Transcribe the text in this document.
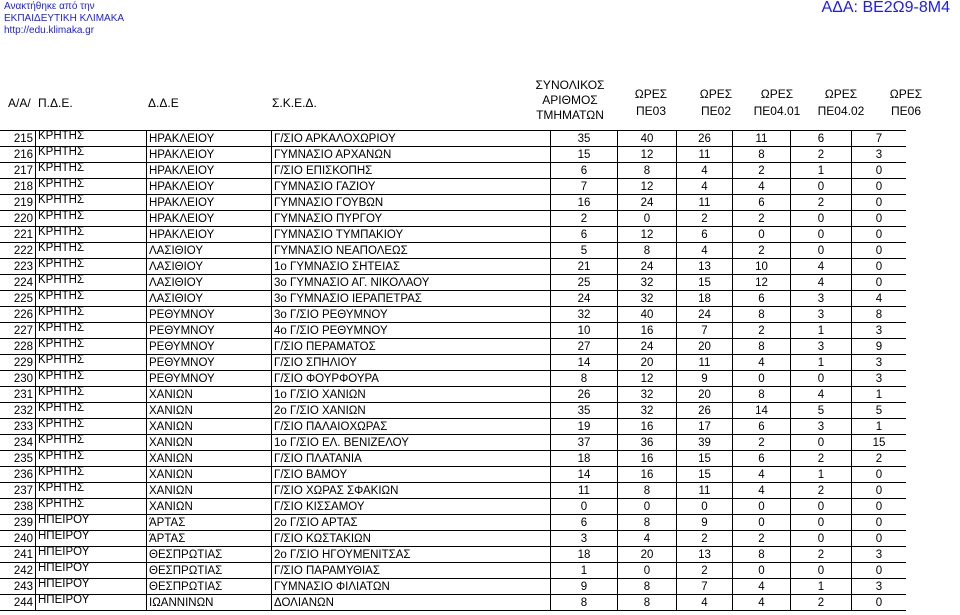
Ανακτήθηκε από την
ΕΚΠΑΙΔΕΥΤΙΚΗ ΚΛΙΜΑΚΑ
http://edu.klimaka.gr
ΑΔΑ: ΒΕ2Ω9-8Μ4
Α/Α/ Π.Δ.Ε.	Δ.Δ.Ε	Σ.Κ.Ε.Δ.
ΣΥΝΟΛΙΚΟΣ
ΑΡΙΘΜΟΣ
ΤΜΗΜΑΤΩΝ
ΩΡΕΣ
ΠΕ03
ΩΡΕΣ
ΠΕ02
ΩΡΕΣ
ΠΕ04.01
ΩΡΕΣ
ΠΕ04.02
ΩΡΕΣ
ΠΕ06
215	ΚΡΗΤΗΣ	ΗΡΑΚΛΕΙΟΥ	Γ/ΣΙΟ ΑΡΚΑΛΟΧΩΡΙΟΥ	35	40	26	11	6	7
216	ΚΡΗΤΗΣ	ΗΡΑΚΛΕΙΟΥ	ΓΥΜΝΑΣΙΟ ΑΡΧΑΝΩΝ	15	12	11	8	2	3
217	ΚΡΗΤΗΣ	ΗΡΑΚΛΕΙΟΥ	Γ/ΣΙΟ ΕΠΙΣΚΟΠΗΣ	6	8	4	2	1	0
218	ΚΡΗΤΗΣ	ΗΡΑΚΛΕΙΟΥ	ΓΥΜΝΑΣΙΟ ΓΑΖΙΟΥ	7	12	4	4	0	0
219	ΚΡΗΤΗΣ	ΗΡΑΚΛΕΙΟΥ	ΓΥΜΝΑΣΙΟ ΓΟΥΒΩΝ	16	24	11	6	2	0
220	ΚΡΗΤΗΣ	ΗΡΑΚΛΕΙΟΥ	ΓΥΜΝΑΣΙΟ ΠΥΡΓΟΥ	2	0	2	2	0	0
221	ΚΡΗΤΗΣ	ΗΡΑΚΛΕΙΟΥ	ΓΥΜΝΑΣΙΟ ΤΥΜΠΑΚΙΟΥ	6	12	6	0	0	0
222	ΚΡΗΤΗΣ	ΛΑΣΙΘΙΟΥ	ΓΥΜΝΑΣΙΟ ΝΕΑΠΟΛΕΩΣ	5	8	4	2	0	0
223	ΚΡΗΤΗΣ	ΛΑΣΙΘΙΟΥ	1ο ΓΥΜΝΑΣΙΟ ΣΗΤΕΙΑΣ	21	24	13	10	4	0
224	ΚΡΗΤΗΣ	ΛΑΣΙΘΙΟΥ	3ο ΓΥΜΝΑΣΙΟ ΑΓ. ΝΙΚΟΛΑΟΥ	25	32	15	12	4	0
225	ΚΡΗΤΗΣ	ΛΑΣΙΘΙΟΥ	3ο ΓΥΜΝΑΣΙΟ ΙΕΡΑΠΕΤΡΑΣ	24	32	18	6	3	4
226	ΚΡΗΤΗΣ	ΡΕΘΥΜΝΟΥ	3ο Γ/ΣΙΟ ΡΕΘΥΜΝΟΥ	32	40	24	8	3	8
227	ΚΡΗΤΗΣ	ΡΕΘΥΜΝΟΥ	4ο Γ/ΣΙΟ ΡΕΘΥΜΝΟΥ	10	16	7	2	1	3
228	ΚΡΗΤΗΣ	ΡΕΘΥΜΝΟΥ	Γ/ΣΙΟ ΠΕΡΑΜΑΤΟΣ	27	24	20	8	3	9
229	ΚΡΗΤΗΣ	ΡΕΘΥΜΝΟΥ	Γ/ΣΙΟ ΣΠΗΛΙΟΥ	14	20	11	4	1	3
230	ΚΡΗΤΗΣ	ΡΕΘΥΜΝΟΥ	Γ/ΣΙΟ ΦΟΥΡΦΟΥΡΑ	8	12	9	0	0	3
231	ΚΡΗΤΗΣ	ΧΑΝΙΩΝ	1ο Γ/ΣΙΟ ΧΑΝΙΩΝ	26	32	20	8	4	1
232	ΚΡΗΤΗΣ	ΧΑΝΙΩΝ	2ο Γ/ΣΙΟ ΧΑΝΙΩΝ	35	32	26	14	5	5
233	ΚΡΗΤΗΣ	ΧΑΝΙΩΝ	Γ/ΣΙΟ ΠΑΛΑΙΟΧΩΡΑΣ	19	16	17	6	3	1
234	ΚΡΗΤΗΣ	ΧΑΝΙΩΝ	1ο Γ/ΣΙΟ ΕΛ. ΒΕΝΙΖΕΛΟΥ	37	36	39	2	0	15
235	ΚΡΗΤΗΣ	ΧΑΝΙΩΝ	Γ/ΣΙΟ ΠΛΑΤΑΝΙΑ	18	16	15	6	2	2
236	ΚΡΗΤΗΣ	ΧΑΝΙΩΝ	Γ/ΣΙΟ ΒΑΜΟΥ	14	16	15	4	1	0
237	ΚΡΗΤΗΣ	ΧΑΝΙΩΝ	Γ/ΣΙΟ ΧΩΡΑΣ ΣΦΑΚΙΩΝ	11	8	11	4	2	0
238	ΚΡΗΤΗΣ	ΧΑΝΙΩΝ	Γ/ΣΙΟ ΚΙΣΣΑΜΟΥ	0	0	0	0	0	0
239	ΗΠΕΙΡΟΥ	ΆΡΤΑΣ	2ο Γ/ΣΙΟ ΑΡΤΑΣ	6	8	9	0	0	0
240	ΗΠΕΙΡΟΥ	ΆΡΤΑΣ	Γ/ΣΙΟ ΚΩΣΤΑΚΙΩΝ	3	4	2	2	0	0
241	ΗΠΕΙΡΟΥ	ΘΕΣΠΡΩΤΙΑΣ	2ο Γ/ΣΙΟ ΗΓΟΥΜΕΝΙΤΣΑΣ	18	20	13	8	2	3
242	ΗΠΕΙΡΟΥ	ΘΕΣΠΡΩΤΙΑΣ	Γ/ΣΙΟ ΠΑΡΑΜΥΘΙΑΣ	1	0	2	0	0	0
243	ΗΠΕΙΡΟΥ	ΘΕΣΠΡΩΤΙΑΣ	ΓΥΜΝΑΣΙΟ ΦΙΛΙΑΤΩΝ	9	8	7	4	1	3
244	ΗΠΕΙΡΟΥ	ΙΩΑΝΝΙΝΩΝ	ΔΟΛΙΑΝΩΝ	8	8	4	4	2	0
